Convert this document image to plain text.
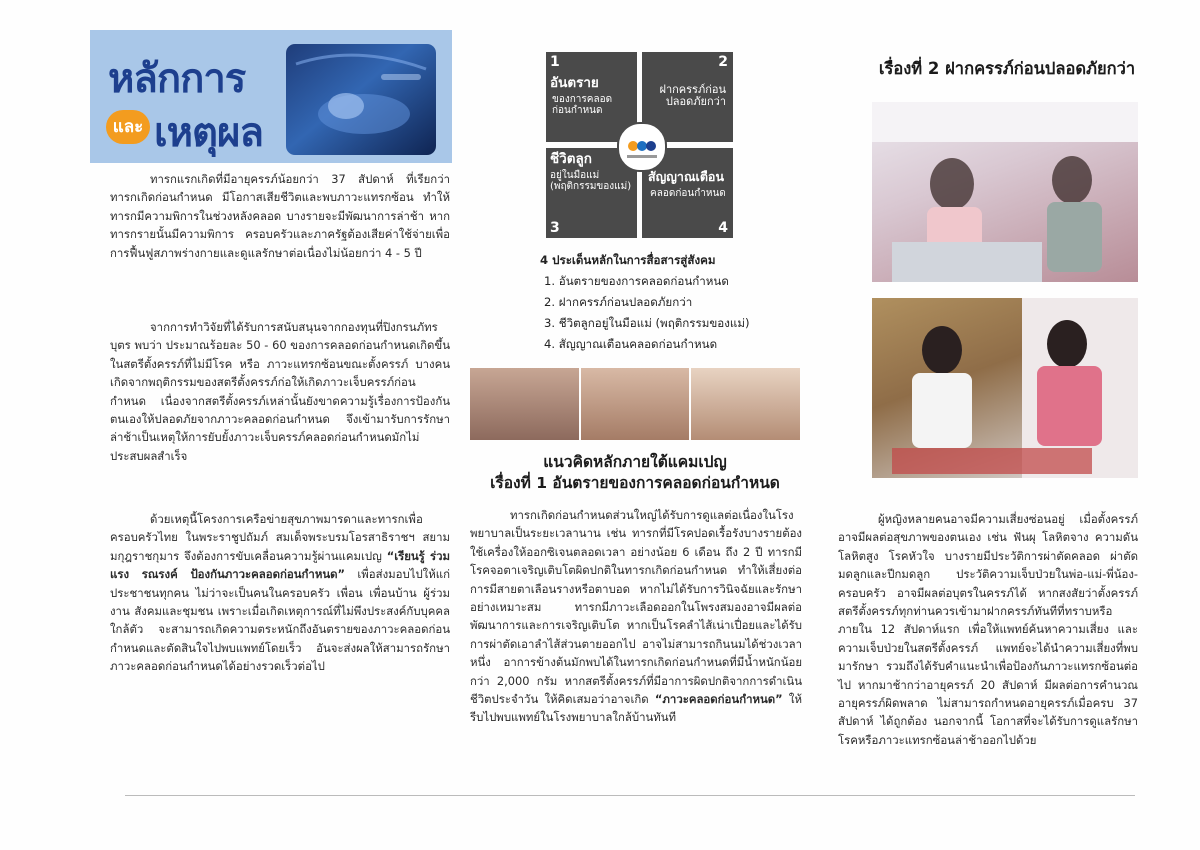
หลักการ
และ เหตุผล

ทารกแรกเกิดที่มีอายุครรภ์น้อยกว่า 37 สัปดาห์ ที่เรียกว่าทารกเกิดก่อนกำหนด มีโอกาสเสียชีวิตและพบภาวะแทรกซ้อน ทำให้ทารกมีความพิการในช่วงหลังคลอด บางรายจะมีพัฒนาการล่าช้า หากทารกรายนั้นมีความพิการ ครอบครัวและภาครัฐต้องเสียค่าใช้จ่ายเพื่อการฟื้นฟูสภาพร่างกายและดูแลรักษาต่อเนื่องไม่น้อยกว่า 4 - 5 ปี

จากการทำวิจัยที่ได้รับการสนับสนุนจากกองทุนที่ปิงกรนภัทรบุตร พบว่า ประมาณร้อยละ 50 - 60 ของการคลอดก่อนกำหนดเกิดขึ้นในสตรีตั้งครรภ์ที่ไม่มีโรค หรือ ภาวะแทรกซ้อนขณะตั้งครรภ์ บางคนเกิดจากพฤติกรรมของสตรีตั้งครรภ์ก่อให้เกิดภาวะเจ็บครรภ์ก่อนกำหนด เนื่องจากสตรีตั้งครรภ์เหล่านั้นยังขาดความรู้เรื่องการป้องกันตนเองให้ปลอดภัยจากภาวะคลอดก่อนกำหนด จึงเข้ามารับการรักษาล่าช้าเป็นเหตุให้การยับยั้งภาวะเจ็บครรภ์คลอดก่อนกำหนดมักไม่ประสบผลสำเร็จ

ด้วยเหตุนี้โครงการเครือข่ายสุขภาพมารดาและทารกเพื่อครอบครัวไทย ในพระราชูปถัมภ์ สมเด็จพระบรมโอรสาธิราชฯ สยามมกุฎราชกุมาร จึงต้องการขับเคลื่อนความรู้ผ่านแคมเปญ “เรียนรู้ ร่วมแรง รณรงค์ ป้องกันภาวะคลอดก่อนกำหนด” เพื่อส่งมอบไปให้แก่ประชาชนทุกคน ไม่ว่าจะเป็นคนในครอบครัว เพื่อน เพื่อนบ้าน ผู้ร่วมงาน สังคมและชุมชน เพราะเมื่อเกิดเหตุการณ์ที่ไม่พึงประสงค์กับบุคคลใกล้ตัว จะสามารถเกิดความตระหนักถึงอันตรายของภาวะคลอดก่อนกำหนดและตัดสินใจไปพบแพทย์โดยเร็ว อันจะส่งผลให้สามารถรักษาภาวะคลอดก่อนกำหนดได้อย่างรวดเร็วต่อไป

1
อันตราย
ของการคลอด
ก่อนกำหนด
2
ฝากครรภ์ก่อน
ปลอดภัยกว่า
ชีวิตลูก
อยู่ในมือแม่
(พฤติกรรมของแม่)
3
สัญญาณเตือน
คลอดก่อนกำหนด
4
4 ประเด็นหลักในการสื่อสารสู่สังคม
1. อันตรายของการคลอดก่อนกำหนด
2. ฝากครรภ์ก่อนปลอดภัยกว่า
3. ชีวิตลูกอยู่ในมือแม่ (พฤติกรรมของแม่)
4. สัญญาณเตือนคลอดก่อนกำหนด
แนวคิดหลักภายใต้แคมเปญ
เรื่องที่ 1 อันตรายของการคลอดก่อนกำหนด

ทารกเกิดก่อนกำหนดส่วนใหญ่ได้รับการดูแลต่อเนื่องในโรงพยาบาลเป็นระยะเวลานาน เช่น ทารกที่มีโรคปอดเรื้อรังบางรายต้องใช้เครื่องให้ออกซิเจนตลอดเวลา อย่างน้อย 6 เดือน ถึง 2 ปี ทารกมีโรคจอตาเจริญเติบโตผิดปกติในทารกเกิดก่อนกำหนด ทำให้เสี่ยงต่อการมีสายตาเลือนรางหรือตาบอด หากไม่ได้รับการวินิจฉัยและรักษาอย่างเหมาะสม ทารกมีภาวะเลือดออกในโพรงสมองอาจมีผลต่อพัฒนาการและการเจริญเติบโต หากเป็นโรคลำไส้เน่าเปื่อยและได้รับการผ่าตัดเอาลำไส้ส่วนตายออกไป อาจไม่สามารถกินนมได้ช่วงเวลาหนึ่ง อาการข้างต้นมักพบได้ในทารกเกิดก่อนกำหนดที่มีน้ำหนักน้อยกว่า 2,000 กรัม หากสตรีตั้งครรภ์ที่มีอาการผิดปกติจากการดำเนินชีวิตประจำวัน ให้คิดเสมอว่าอาจเกิด “ภาวะคลอดก่อนกำหนด” ให้รีบไปพบแพทย์ในโรงพยาบาลใกล้บ้านทันที

เรื่องที่ 2 ฝากครรภ์ก่อนปลอดภัยกว่า

ผู้หญิงหลายคนอาจมีความเสี่ยงซ่อนอยู่ เมื่อตั้งครรภ์อาจมีผลต่อสุขภาพของตนเอง เช่น ฟันผุ โลหิตจาง ความดันโลหิตสูง โรคหัวใจ บางรายมีประวัติการผ่าตัดคลอด ผ่าตัดมดลูกและปีกมดลูก ประวัติความเจ็บป่วยในพ่อ-แม่-พี่น้อง-ครอบครัว อาจมีผลต่อบุตรในครรภ์ได้ หากสงสัยว่าตั้งครรภ์ สตรีตั้งครรภ์ทุกท่านควรเข้ามาฝากครรภ์ทันทีที่ทราบหรือ ภายใน 12 สัปดาห์แรก เพื่อให้แพทย์ค้นหาความเสี่ยง และความเจ็บป่วยในสตรีตั้งครรภ์ แพทย์จะได้นำความเสี่ยงที่พบมารักษา รวมถึงได้รับคำแนะนำเพื่อป้องกันภาวะแทรกซ้อนต่อไป หากมาช้ากว่าอายุครรภ์ 20 สัปดาห์ มีผลต่อการคำนวณอายุครรภ์ผิดพลาด ไม่สามารถกำหนดอายุครรภ์เมื่อครบ 37 สัปดาห์ ได้ถูกต้อง นอกจากนี้ โอกาสที่จะได้รับการดูแลรักษาโรคหรือภาวะแทรกซ้อนล่าช้าออกไปด้วย
